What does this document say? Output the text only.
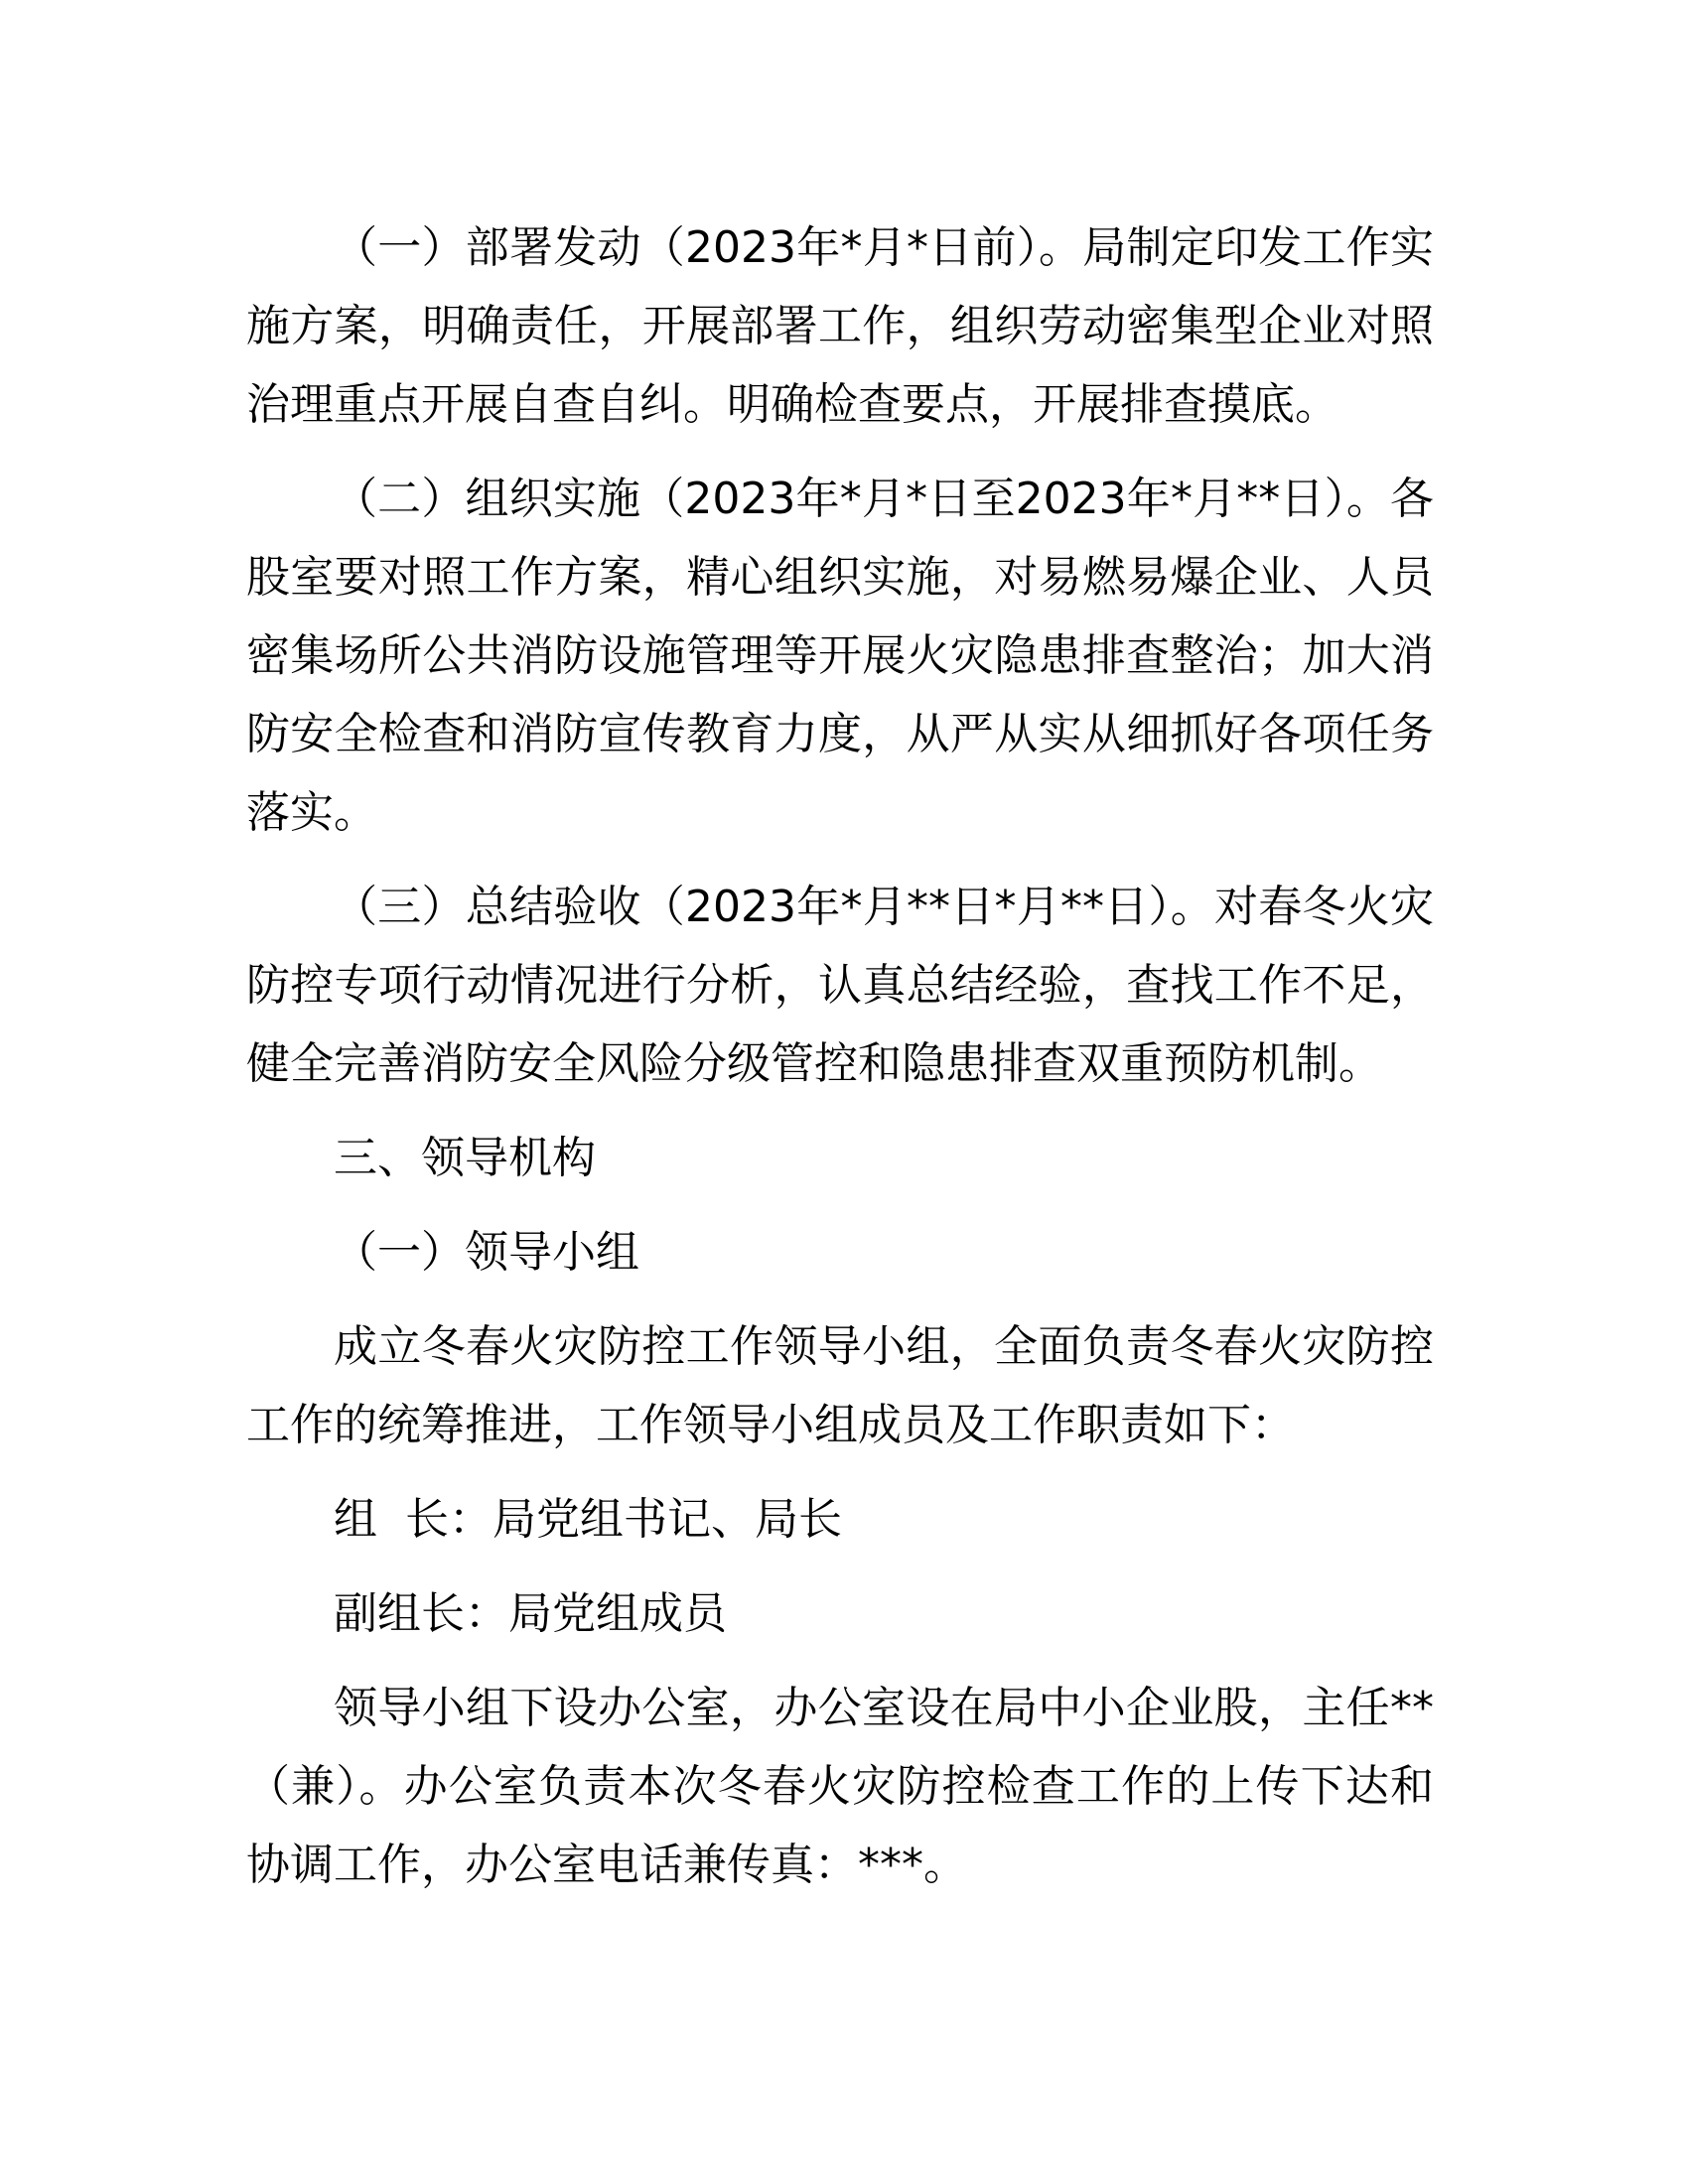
（一）部署发动（2023年*月*日前）。局制定印发工作实施方案，明确责任，开展部署工作，组织劳动密集型企业对照治理重点开展自查自纠。明确检查要点，开展排查摸底。

（二）组织实施（2023年*月*日至2023年*月**日）。各股室要对照工作方案，精心组织实施，对易燃易爆企业、人员密集场所公共消防设施管理等开展火灾隐患排查整治；加大消防安全检查和消防宣传教育力度，从严从实从细抓好各项任务落实。

（三）总结验收（2023年*月**日*月**日）。对春冬火灾防控专项行动情况进行分析，认真总结经验，查找工作不足，健全完善消防安全风险分级管控和隐患排查双重预防机制。

三、领导机构

（一）领导小组

成立冬春火灾防控工作领导小组，全面负责冬春火灾防控工作的统筹推进，工作领导小组成员及工作职责如下：

组  长：局党组书记、局长

副组长：局党组成员

领导小组下设办公室，办公室设在局中小企业股，主任**（兼）。办公室负责本次冬春火灾防控检查工作的上传下达和协调工作，办公室电话兼传真：***。
